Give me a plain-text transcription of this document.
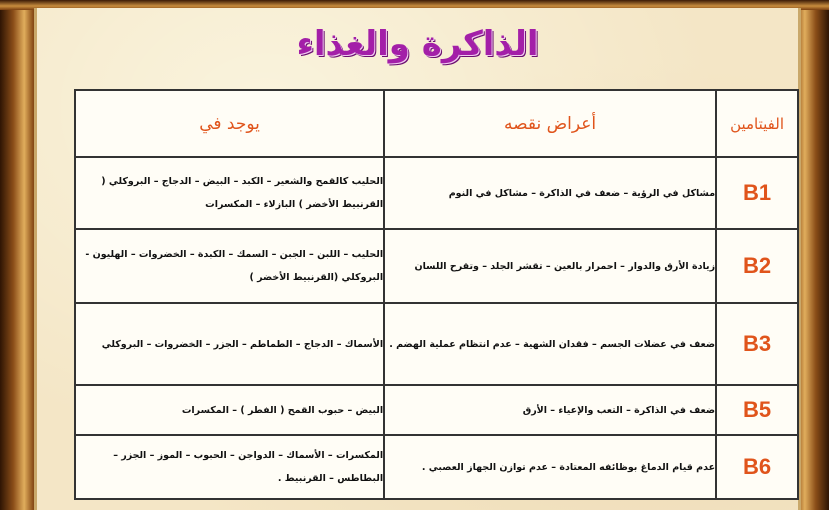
الذاكرة والغذاء
الفيتامين	أعراض نقصه	يوجد في
B1	مشاكل في الرؤية – ضعف في الذاكرة – مشاكل في النوم	الحليب كالقمح والشعير – الكبد – البيض – الدجاج – البروكلي ( القرنبيط الأخضر ) البازلاء – المكسرات
B2	زيادة الأرق والدوار – احمرار بالعين – تقشر الجلد – وتقرح اللسان	الحليب – اللبن – الجبن – السمك – الكبدة – الخضروات – الهليون - البروكلي (القرنبيط الأخضر )
B3	ضعف في عضلات الجسم – فقدان الشهية – عدم انتظام عملية الهضم .	الأسماك – الدجاج – الطماطم – الجزر – الخضروات – البروكلي
B5	ضعف في الذاكرة – التعب والإعياء – الأرق	البيض – حبوب القمح ( الفطر ) – المكسرات
B6	عدم قيام الدماغ بوظائفه المعتادة – عدم توازن الجهاز العصبي .	المكسرات – الأسماك – الدواجن – الحبوب – الموز – الجزر – البطاطس – القرنبيط .
